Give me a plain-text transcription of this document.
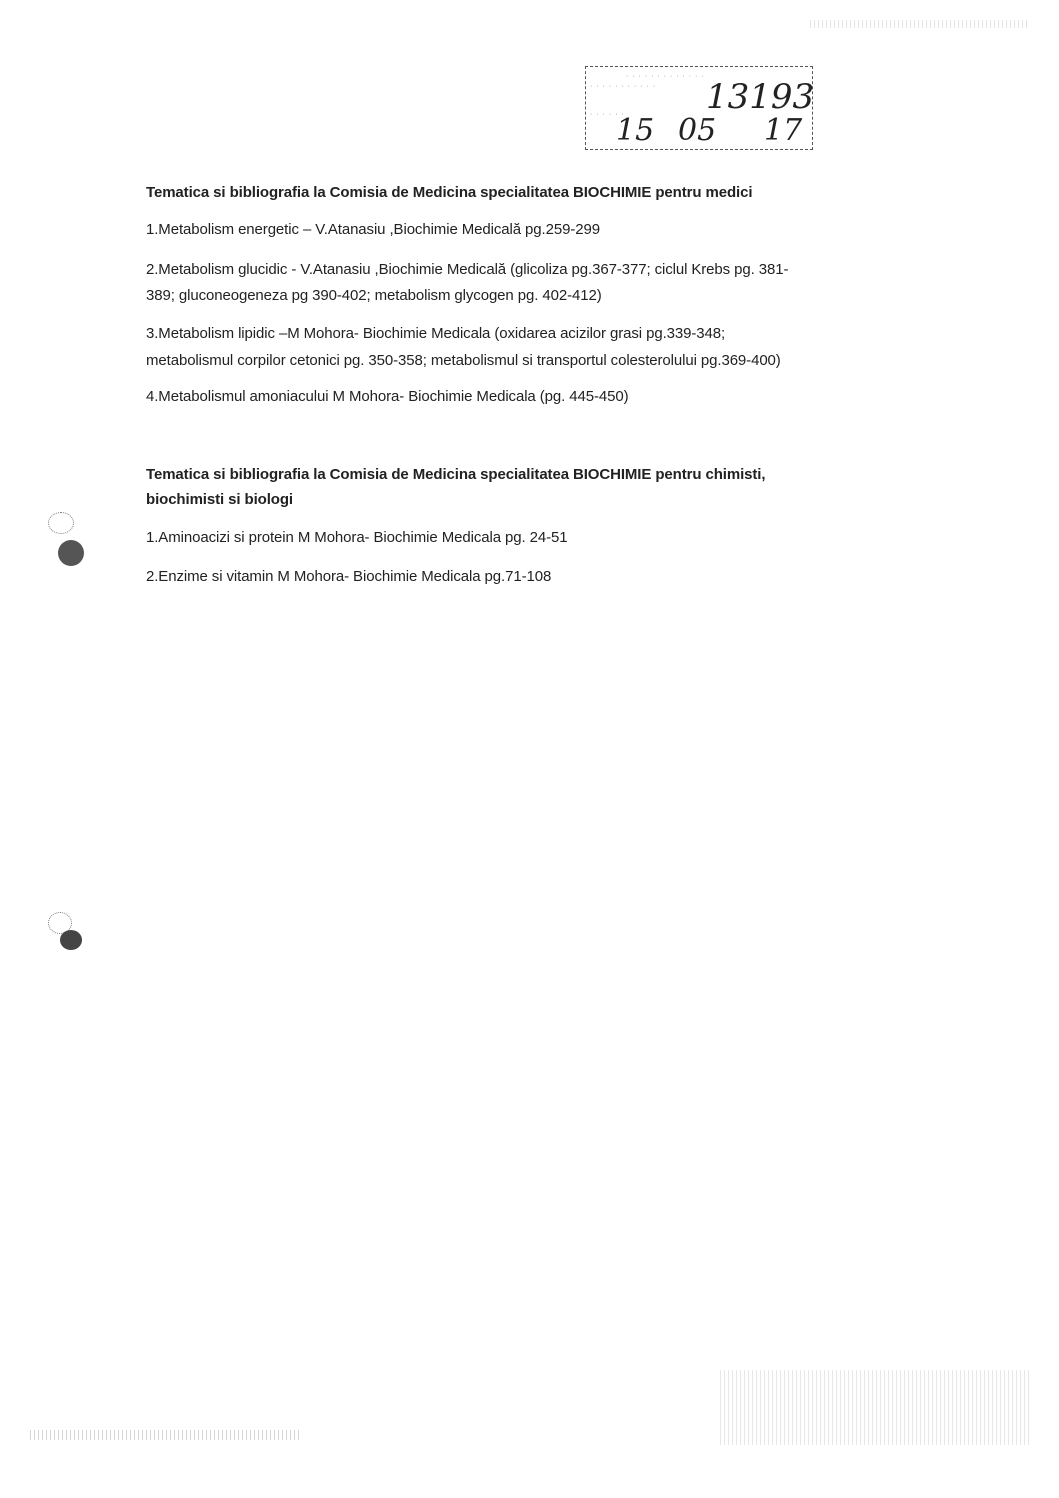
· · · · · · · · · · · · ·
· · · · · · · · · · ·
· · · · · · 13193
15 05 17
Tematica si bibliografia la Comisia de Medicina specialitatea BIOCHIMIE pentru medici
1.Metabolism energetic – V.Atanasiu ,Biochimie Medicală pg.259-299
2.Metabolism glucidic - V.Atanasiu ,Biochimie Medicală (glicoliza pg.367-377; ciclul Krebs pg. 381-
389; gluconeogeneza pg 390-402; metabolism glycogen pg. 402-412)
3.Metabolism lipidic –M Mohora- Biochimie Medicala (oxidarea acizilor grasi pg.339-348;
metabolismul corpilor cetonici pg. 350-358; metabolismul si transportul colesterolului pg.369-400)
4.Metabolismul amoniacului M Mohora- Biochimie Medicala (pg. 445-450)
Tematica si bibliografia la Comisia de Medicina specialitatea BIOCHIMIE pentru chimisti,
biochimisti si biologi
1.Aminoacizi si protein M Mohora- Biochimie Medicala pg. 24-51
2.Enzime si vitamin M Mohora- Biochimie Medicala pg.71-108
